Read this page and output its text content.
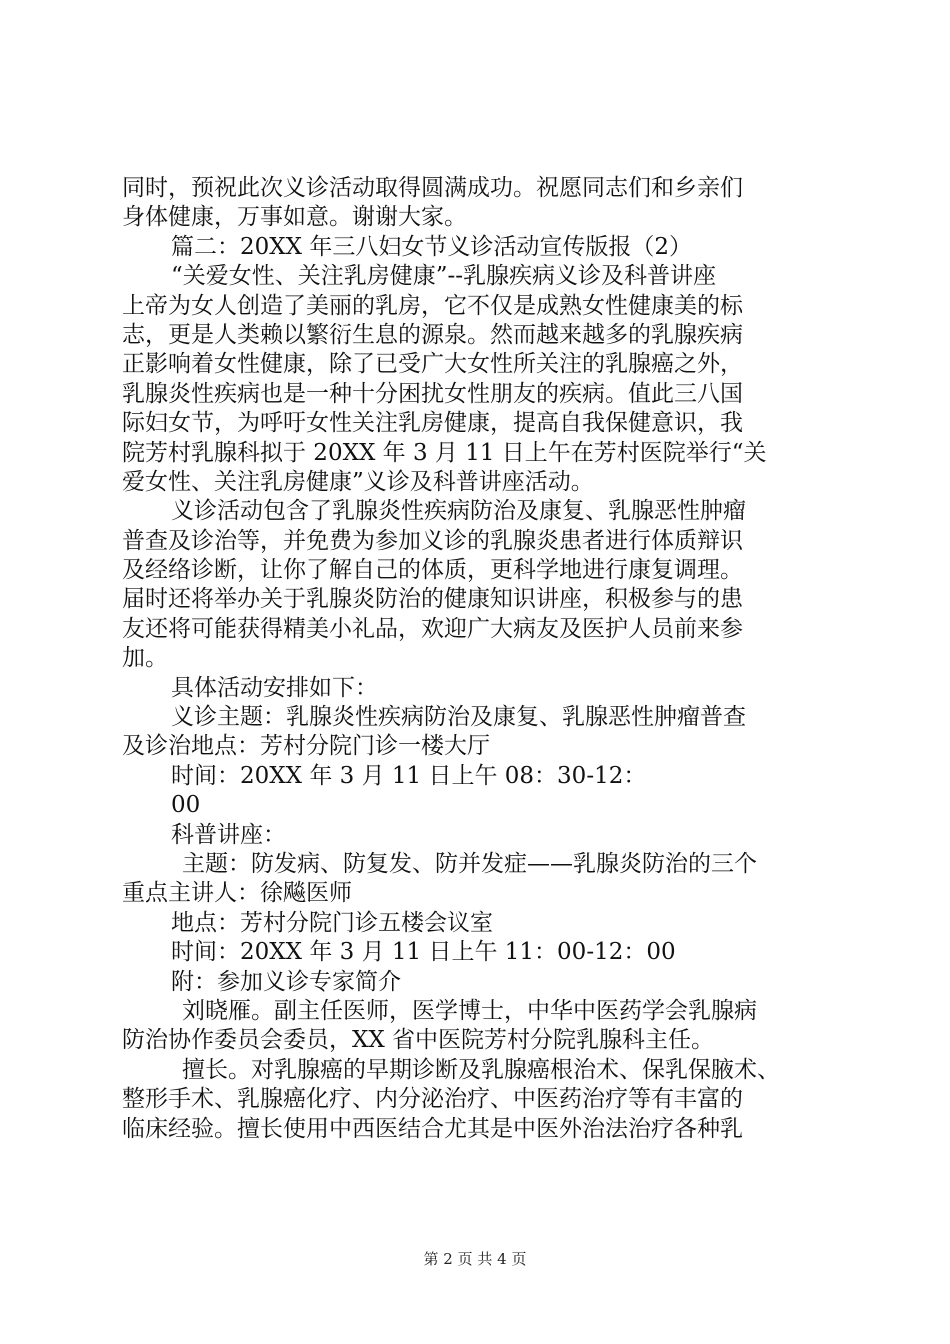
同时，预祝此次义诊活动取得圆满成功。祝愿同志们和乡亲们
身体健康，万事如意。谢谢大家。
篇二：20XX 年三八妇女节义诊活动宣传版报（2）
“关爱女性、关注乳房健康”--乳腺疾病义诊及科普讲座
上帝为女人创造了美丽的乳房，它不仅是成熟女性健康美的标
志，更是人类赖以繁衍生息的源泉。然而越来越多的乳腺疾病
正影响着女性健康，除了已受广大女性所关注的乳腺癌之外，
乳腺炎性疾病也是一种十分困扰女性朋友的疾病。值此三八国
际妇女节，为呼吁女性关注乳房健康，提高自我保健意识，我
院芳村乳腺科拟于 20XX 年 3 月 11 日上午在芳村医院举行“关
爱女性、关注乳房健康”义诊及科普讲座活动。
义诊活动包含了乳腺炎性疾病防治及康复、乳腺恶性肿瘤
普查及诊治等，并免费为参加义诊的乳腺炎患者进行体质辩识
及经络诊断，让你了解自己的体质，更科学地进行康复调理。
届时还将举办关于乳腺炎防治的健康知识讲座，积极参与的患
友还将可能获得精美小礼品，欢迎广大病友及医护人员前来参
加。
具体活动安排如下：
义诊主题：乳腺炎性疾病防治及康复、乳腺恶性肿瘤普查
及诊治地点：芳村分院门诊一楼大厅
时间：20XX 年 3 月 11 日上午 08：30-12：
00
科普讲座：
主题：防发病、防复发、防并发症——乳腺炎防治的三个
重点主讲人：徐飚医师
地点：芳村分院门诊五楼会议室
时间：20XX 年 3 月 11 日上午 11：00-12：00
附：参加义诊专家简介
刘晓雁。副主任医师，医学博士，中华中医药学会乳腺病
防治协作委员会委员，XX 省中医院芳村分院乳腺科主任。
擅长。对乳腺癌的早期诊断及乳腺癌根治术、保乳保腋术、
整形手术、乳腺癌化疗、内分泌治疗、中医药治疗等有丰富的
临床经验。擅长使用中西医结合尤其是中医外治法治疗各种乳
第 2 页 共 4 页
